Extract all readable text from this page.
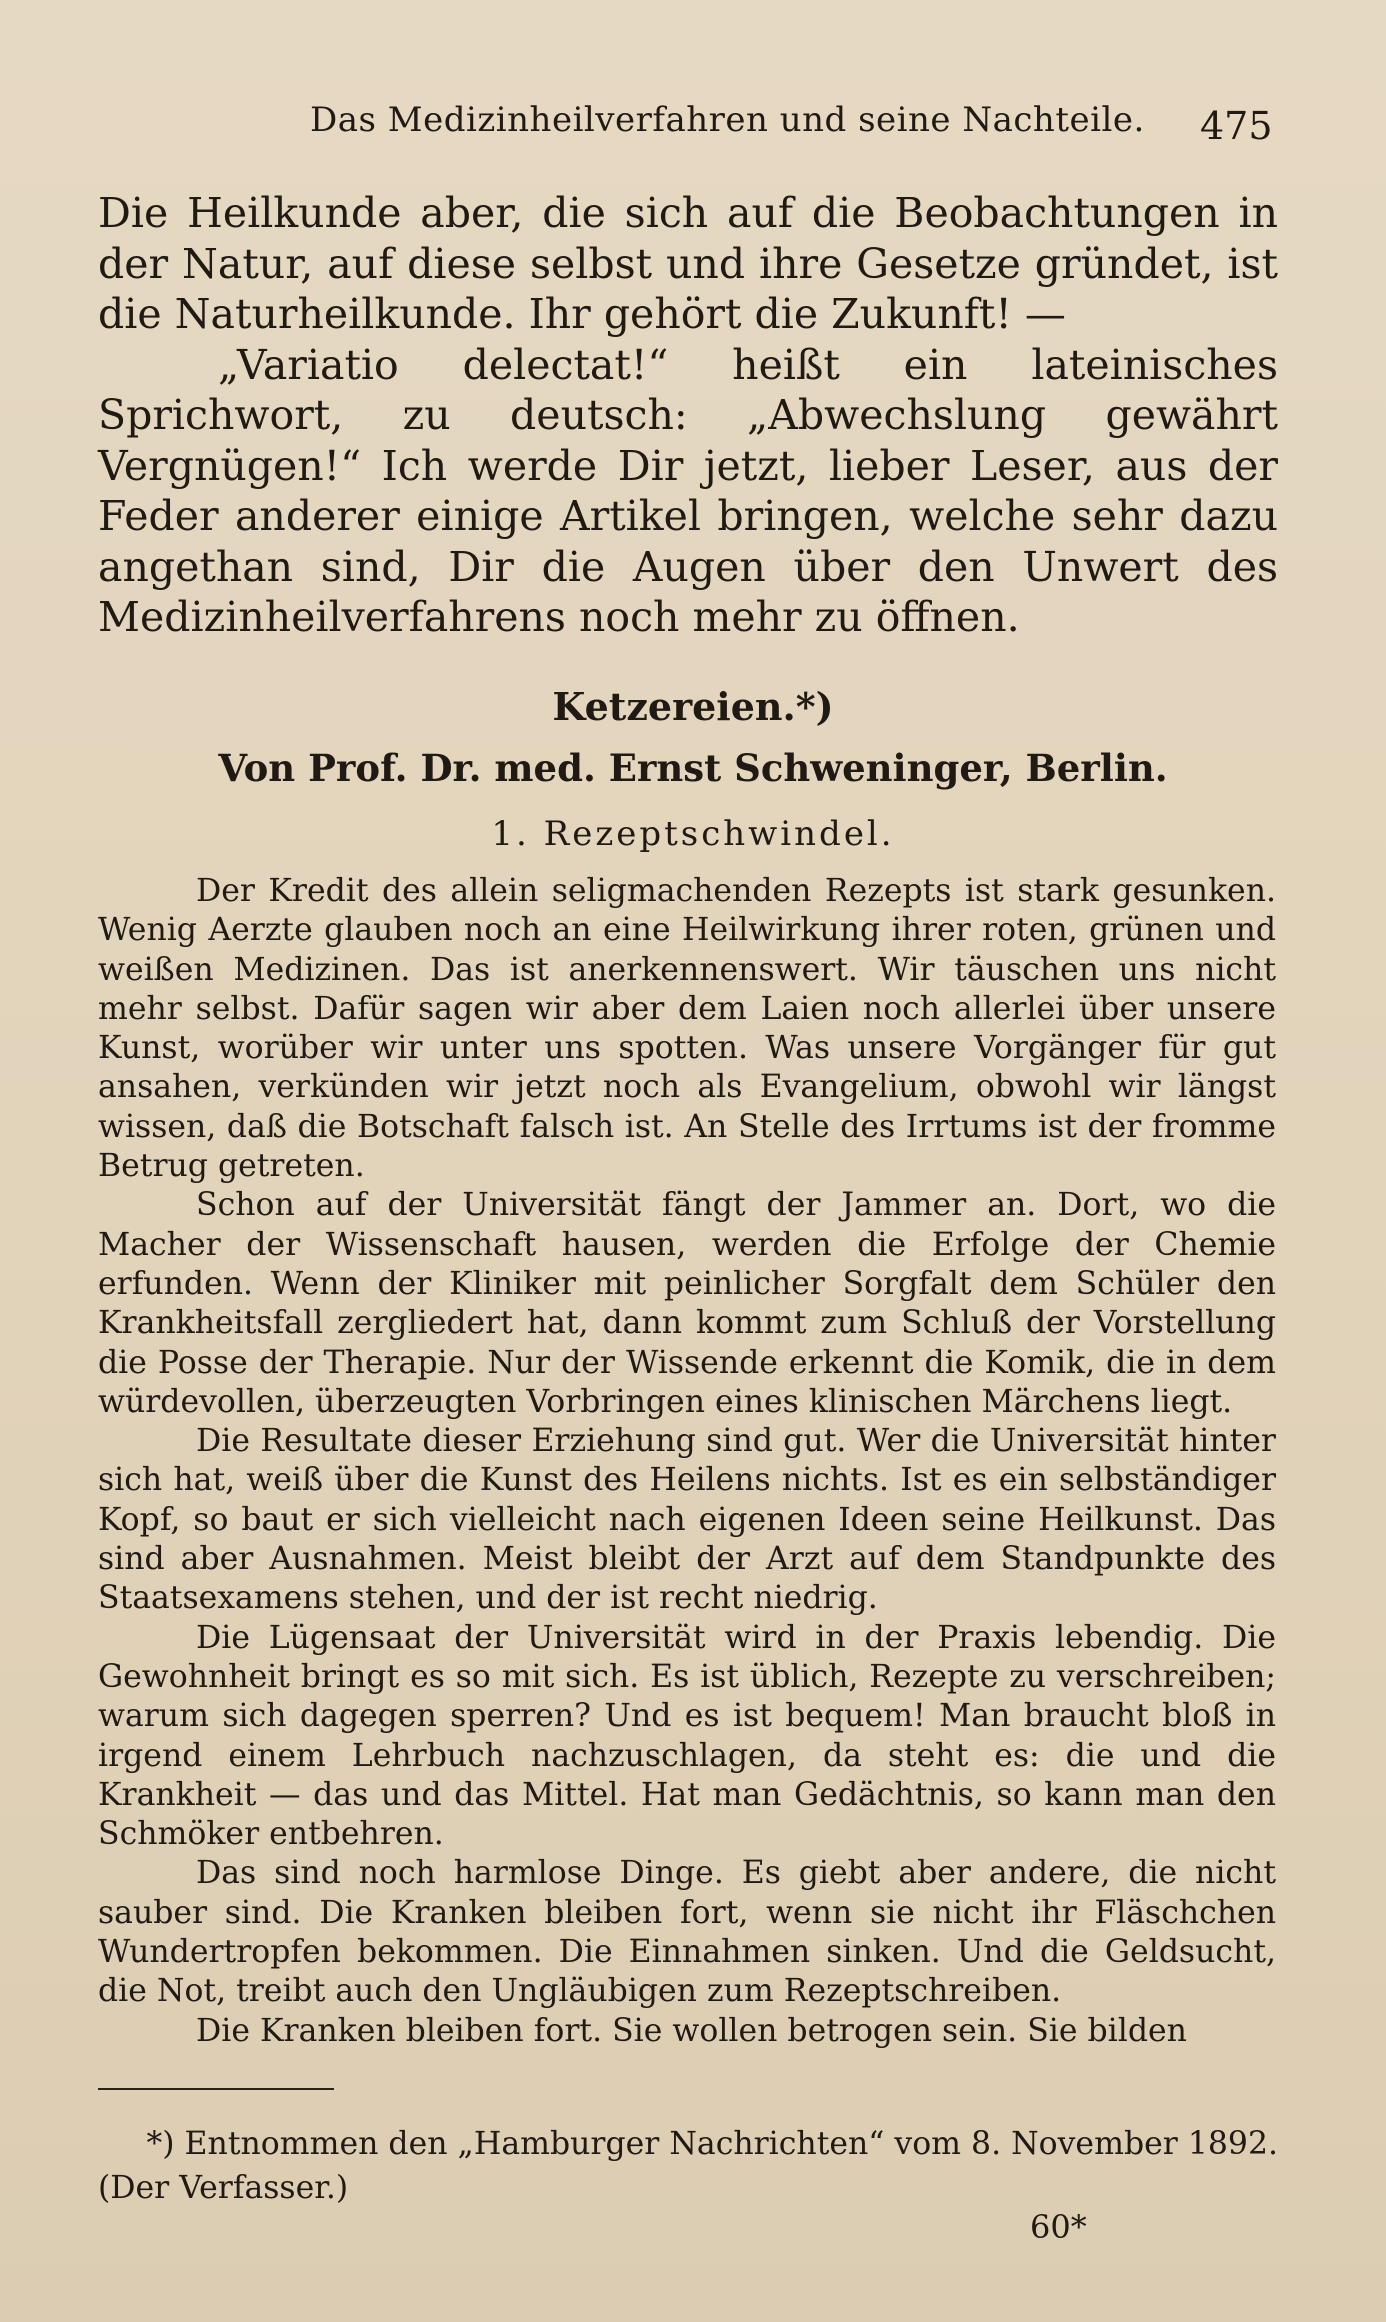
Das Medizinheilverfahren und seine Nachteile. 475

Die Heilkunde aber, die sich auf die Beobachtungen in der Natur, auf diese selbst und ihre Gesetze gründet, ist die Naturheilkunde. Ihr gehört die Zukunft! —

„Variatio delectat!“ heißt ein lateinisches Sprichwort, zu deutsch: „Abwechslung gewährt Vergnügen!“ Ich werde Dir jetzt, lieber Leser, aus der Feder anderer einige Artikel bringen, welche sehr dazu angethan sind, Dir die Augen über den Unwert des Medizinheilverfahrens noch mehr zu öffnen.

Ketzereien.*)
Von Prof. Dr. med. Ernst Schweninger, Berlin.
1. Rezeptschwindel.

Der Kredit des allein seligmachenden Rezepts ist stark gesunken. Wenig Aerzte glauben noch an eine Heilwirkung ihrer roten, grünen und weißen Medizinen. Das ist anerkennenswert. Wir täuschen uns nicht mehr selbst. Dafür sagen wir aber dem Laien noch allerlei über unsere Kunst, worüber wir unter uns spotten. Was unsere Vorgänger für gut ansahen, verkünden wir jetzt noch als Evangelium, obwohl wir längst wissen, daß die Botschaft falsch ist. An Stelle des Irrtums ist der fromme Betrug getreten.

Schon auf der Universität fängt der Jammer an. Dort, wo die Macher der Wissenschaft hausen, werden die Erfolge der Chemie erfunden. Wenn der Kliniker mit peinlicher Sorgfalt dem Schüler den Krankheitsfall zergliedert hat, dann kommt zum Schluß der Vorstellung die Posse der Therapie. Nur der Wissende erkennt die Komik, die in dem würdevollen, überzeugten Vorbringen eines klinischen Märchens liegt.

Die Resultate dieser Erziehung sind gut. Wer die Universität hinter sich hat, weiß über die Kunst des Heilens nichts. Ist es ein selbständiger Kopf, so baut er sich vielleicht nach eigenen Ideen seine Heilkunst. Das sind aber Ausnahmen. Meist bleibt der Arzt auf dem Standpunkte des Staatsexamens stehen, und der ist recht niedrig.

Die Lügensaat der Universität wird in der Praxis lebendig. Die Gewohnheit bringt es so mit sich. Es ist üblich, Rezepte zu verschreiben; warum sich dagegen sperren? Und es ist bequem! Man braucht bloß in irgend einem Lehrbuch nachzuschlagen, da steht es: die und die Krankheit — das und das Mittel. Hat man Gedächtnis, so kann man den Schmöker entbehren.

Das sind noch harmlose Dinge. Es giebt aber andere, die nicht sauber sind. Die Kranken bleiben fort, wenn sie nicht ihr Fläschchen Wundertropfen bekommen. Die Einnahmen sinken. Und die Geldsucht, die Not, treibt auch den Ungläubigen zum Rezeptschreiben.

Die Kranken bleiben fort. Sie wollen betrogen sein. Sie bilden

*) Entnommen den „Hamburger Nachrichten“ vom 8. November 1892.
(Der Verfasser.)
60*
